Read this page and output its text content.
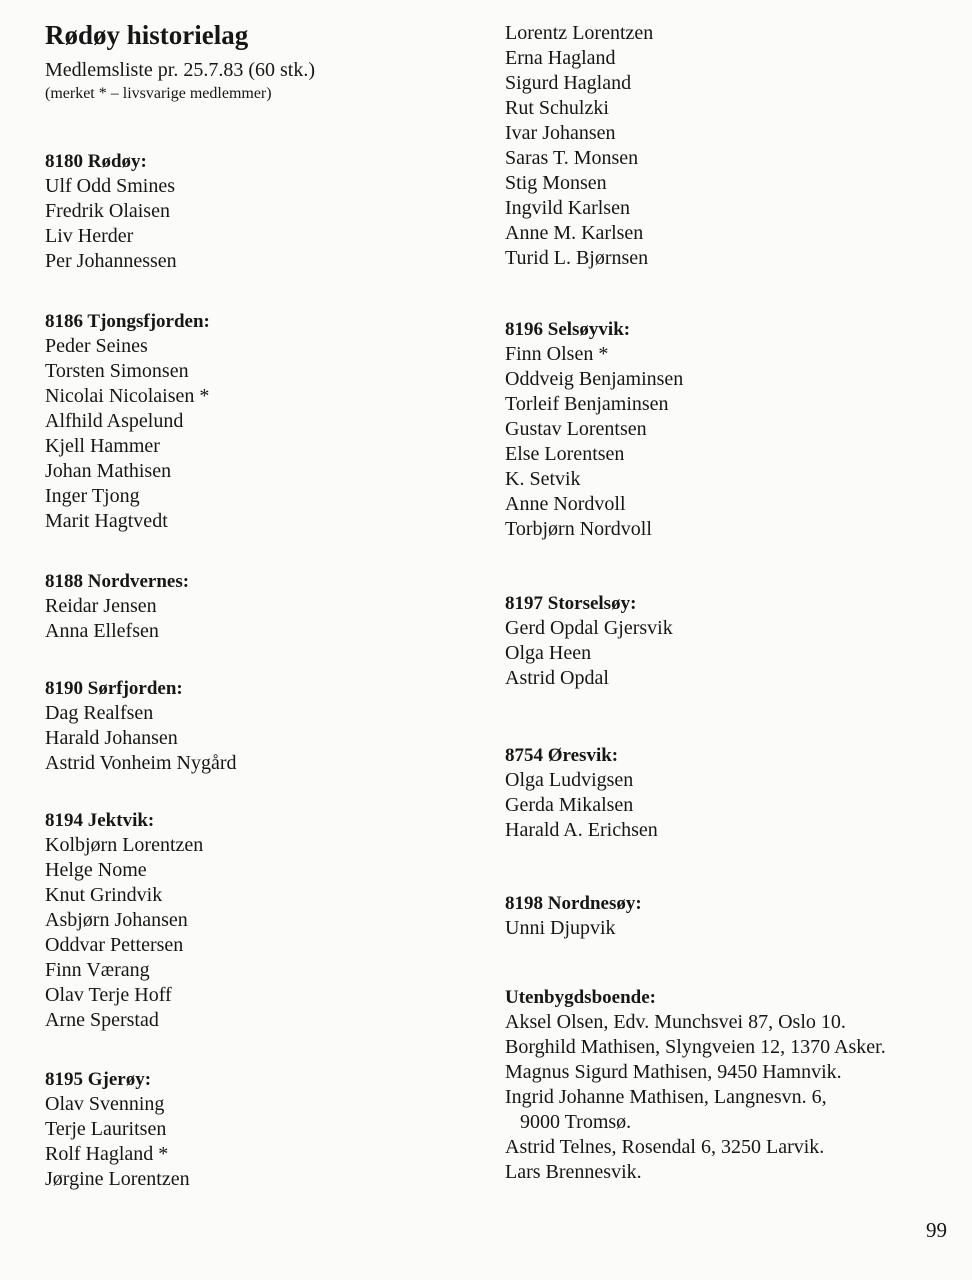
Rødøy historielag
Medlemsliste pr. 25.7.83 (60 stk.)
(merket * – livsvarige medlemmer)
8180 Rødøy:
Ulf Odd Smines
Fredrik Olaisen
Liv Herder
Per Johannessen
8186 Tjongsfjorden:
Peder Seines
Torsten Simonsen
Nicolai Nicolaisen *
Alfhild Aspelund
Kjell Hammer
Johan Mathisen
Inger Tjong
Marit Hagtvedt
8188 Nordvernes:
Reidar Jensen
Anna Ellefsen
8190 Sørfjorden:
Dag Realfsen
Harald Johansen
Astrid Vonheim Nygård
8194 Jektvik:
Kolbjørn Lorentzen
Helge Nome
Knut Grindvik
Asbjørn Johansen
Oddvar Pettersen
Finn Værang
Olav Terje Hoff
Arne Sperstad
8195 Gjerøy:
Olav Svenning
Terje Lauritsen
Rolf Hagland *
Jørgine Lorentzen
Lorentz Lorentzen
Erna Hagland
Sigurd Hagland
Rut Schulzki
Ivar Johansen
Saras T. Monsen
Stig Monsen
Ingvild Karlsen
Anne M. Karlsen
Turid L. Bjørnsen
8196 Selsøyvik:
Finn Olsen *
Oddveig Benjaminsen
Torleif Benjaminsen
Gustav Lorentsen
Else Lorentsen
K. Setvik
Anne Nordvoll
Torbjørn Nordvoll
8197 Storselsøy:
Gerd Opdal Gjersvik
Olga Heen
Astrid Opdal
8754 Øresvik:
Olga Ludvigsen
Gerda Mikalsen
Harald A. Erichsen
8198 Nordnesøy:
Unni Djupvik
Utenbygdsboende:
Aksel Olsen, Edv. Munchsvei 87, Oslo 10.
Borghild Mathisen, Slyngveien 12, 1370 Asker.
Magnus Sigurd Mathisen, 9450 Hamnvik.
Ingrid Johanne Mathisen, Langnesvn. 6,
9000 Tromsø.
Astrid Telnes, Rosendal 6, 3250 Larvik.
Lars Brennesvik.
99
